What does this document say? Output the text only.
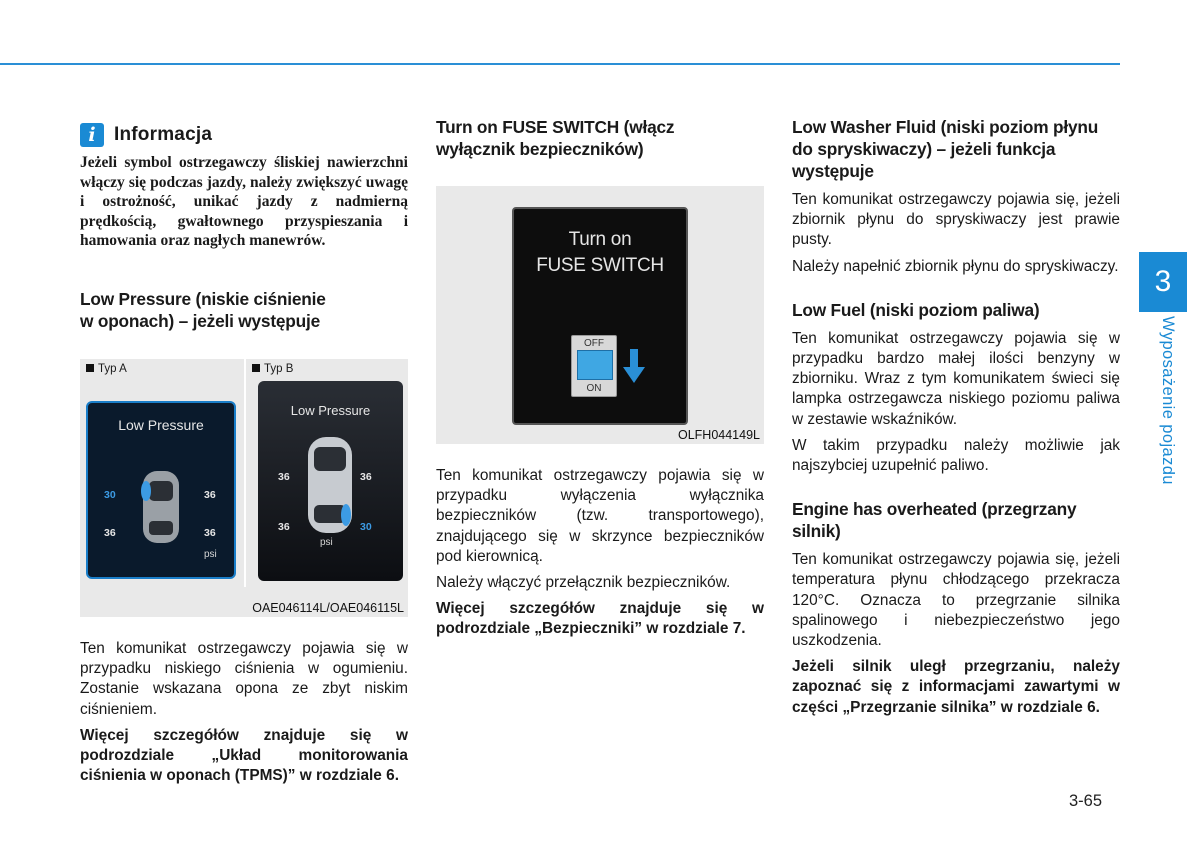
i Informacja

Jeżeli symbol ostrzegawczy śliskiej nawierzchni włączy się podczas jazdy, należy zwiększyć uwagę i ostrożność, unikać jazdy z nadmierną prędkością, gwałtownego przyspieszania i hamowania oraz nagłych manewrów.

Low Pressure (niskie ciśnienie
w oponach) – jeżeli występuje
Typ A	Typ B
Low Pressure
30	36
36	36
psi
Low Pressure
36	36
36	30
psi
OAE046114L/OAE046115L

Ten komunikat ostrzegawczy pojawia się w przypadku niskiego ciśnienia w ogumieniu. Zostanie wskazana opona ze zbyt niskim ciśnieniem.

Więcej szczegółów znajduje się w podrozdziale „Układ monitorowania ciśnienia w oponach (TPMS)” w rozdziale 6.

Turn on FUSE SWITCH (włącz
wyłącznik bezpieczników)
Turn on
FUSE SWITCH
OFF
ON
OLFH044149L

Ten komunikat ostrzegawczy pojawia się w przypadku wyłączenia wyłącznika bezpieczników (tzw. transportowego), znajdującego się w skrzynce bezpieczników pod kierownicą.

Należy włączyć przełącznik bezpieczników.

Więcej szczegółów znajduje się w podrozdziale „Bezpieczniki” w rozdziale 7.

Low Washer Fluid (niski poziom płynu
do spryskiwaczy) – jeżeli funkcja
występuje

Ten komunikat ostrzegawczy pojawia się, jeżeli zbiornik płynu do spryskiwaczy jest prawie pusty.

Należy napełnić zbiornik płynu do spryskiwaczy.

Low Fuel (niski poziom paliwa)

Ten komunikat ostrzegawczy pojawia się w przypadku bardzo małej ilości benzyny w zbiorniku. Wraz z tym komunikatem świeci się lampka ostrzegawcza niskiego poziomu paliwa w zestawie wskaźników.

W takim przypadku należy możliwie jak najszybciej uzupełnić paliwo.

Engine has overheated (przegrzany
silnik)

Ten komunikat ostrzegawczy pojawia się, jeżeli temperatura płynu chłodzącego przekracza 120°C. Oznacza to przegrzanie silnika spalinowego i niebezpieczeństwo jego uszkodzenia.

Jeżeli silnik uległ przegrzaniu, należy zapoznać się z informacjami zawartymi w części „Przegrzanie silnika” w rozdziale 6.

3
Wyposażenie pojazdu
3-65
